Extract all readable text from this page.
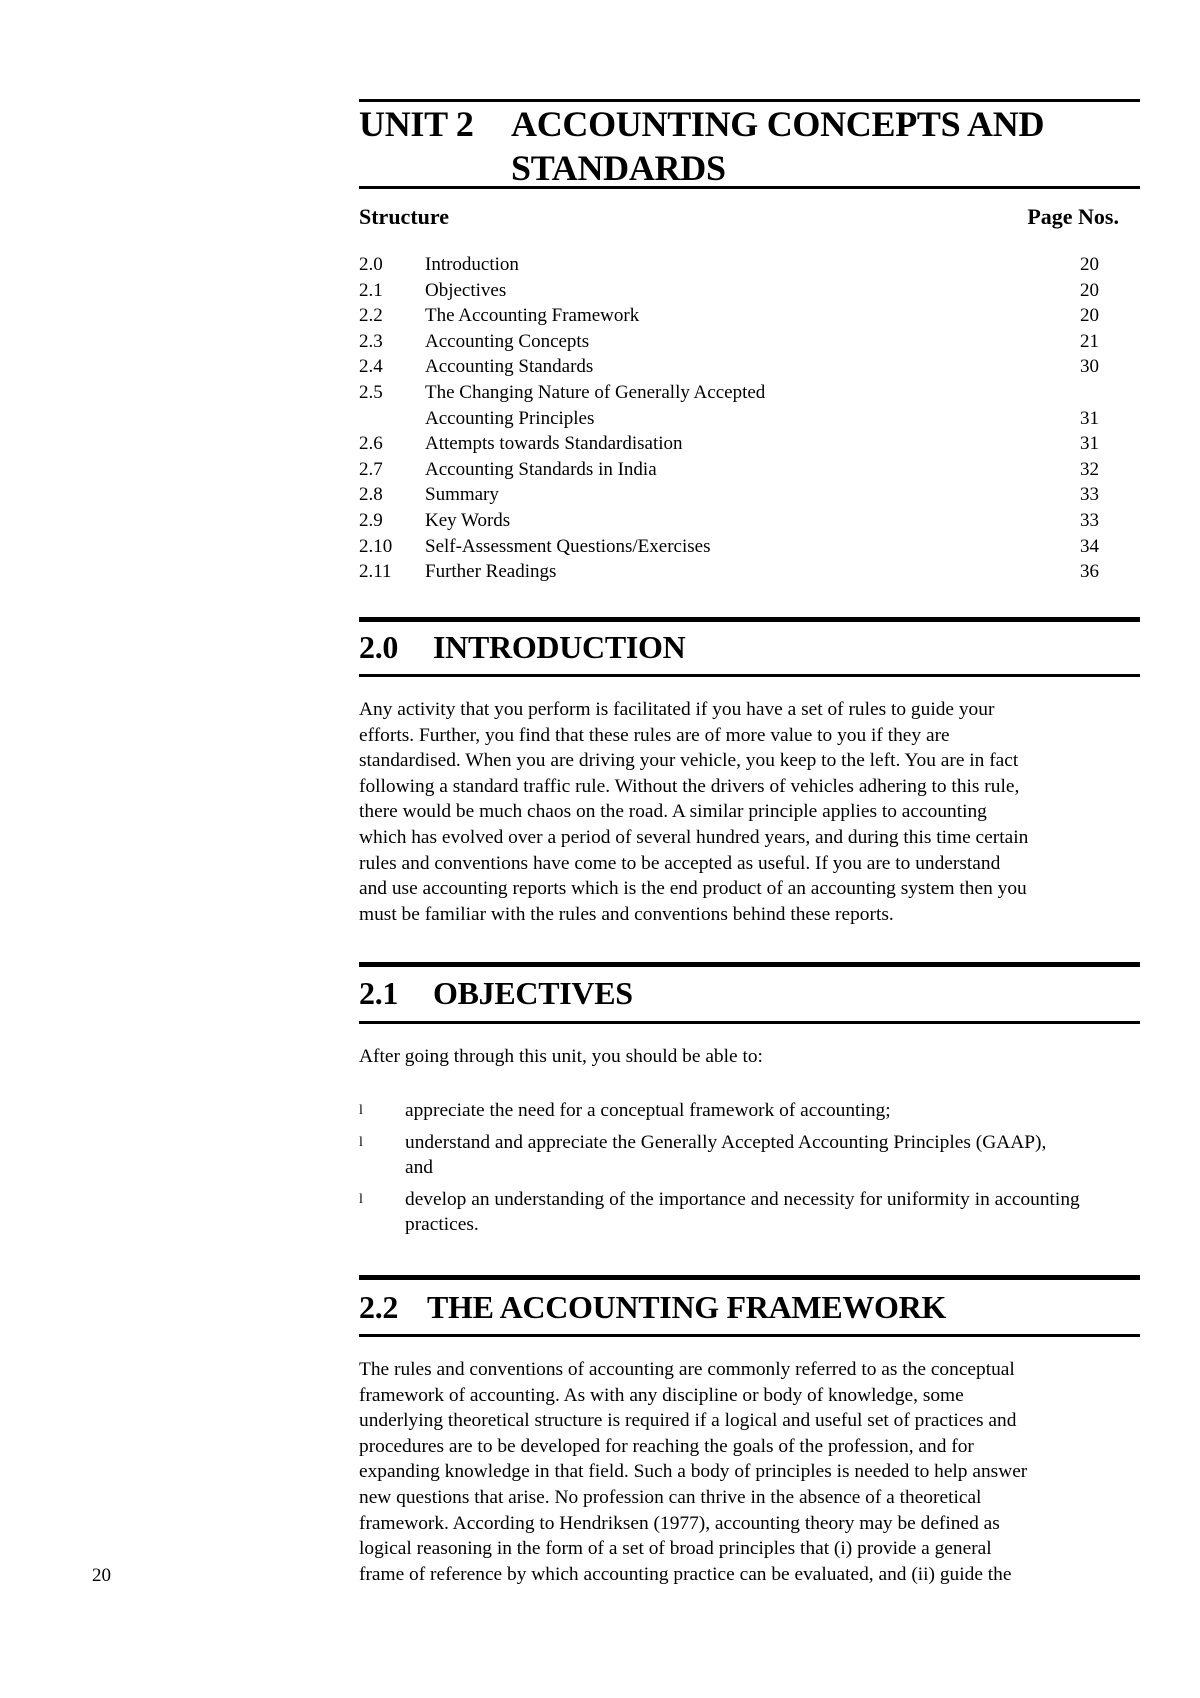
UNIT 2	ACCOUNTING CONCEPTS AND
STANDARDS
Structure	Page Nos.
2.0	Introduction	20
2.1	Objectives	20
2.2	The Accounting Framework	20
2.3	Accounting Concepts	21
2.4	Accounting Standards	30
2.5	The Changing Nature of Generally Accepted
Accounting Principles	31
2.6	Attempts towards Standardisation	31
2.7	Accounting Standards in India	32
2.8	Summary	33
2.9	Key Words	33
2.10	Self-Assessment Questions/Exercises	34
2.11	Further Readings	36
2.0	INTRODUCTION
Any activity that you perform is facilitated if you have a set of rules to guide your
efforts. Further, you find that these rules are of more value to you if they are
standardised. When you are driving your vehicle, you keep to the left. You are in fact
following a standard traffic rule. Without the drivers of vehicles adhering to this rule,
there would be much chaos on the road. A similar principle applies to accounting
which has evolved over a period of several hundred years, and during this time certain
rules and conventions have come to be accepted as useful. If you are to understand
and use accounting reports which is the end product of an accounting system then you
must be familiar with the rules and conventions behind these reports.
2.1	OBJECTIVES
After going through this unit, you should be able to:
l	appreciate the need for a conceptual framework of accounting;
l	understand and appreciate the Generally Accepted Accounting Principles (GAAP), and
l	develop an understanding of the importance and necessity for uniformity in accounting practices.
2.2 THE ACCOUNTING FRAMEWORK
The rules and conventions of accounting are commonly referred to as the conceptual
framework of accounting. As with any discipline or body of knowledge, some
underlying theoretical structure is required if a logical and useful set of practices and
procedures are to be developed for reaching the goals of the profession, and for
expanding knowledge in that field. Such a body of principles is needed to help answer
new questions that arise. No profession can thrive in the absence of a theoretical
framework. According to Hendriksen (1977), accounting theory may be defined as
logical reasoning in the form of a set of broad principles that (i) provide a general
frame of reference by which accounting practice can be evaluated, and (ii) guide the
20
